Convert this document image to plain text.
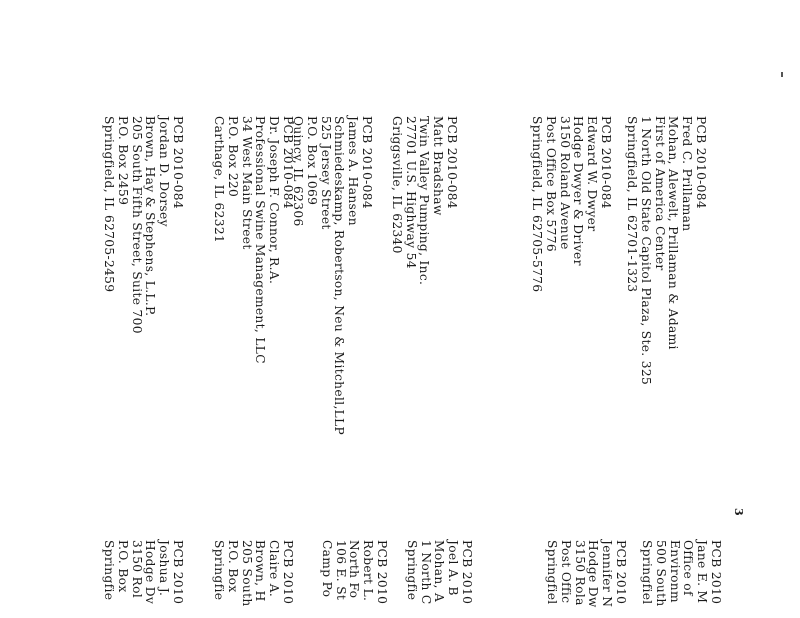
3
PCB 2010-084
Fred C. Prillaman
Mohan, Alewelt, Prillaman & Adami
First of America Center
1 North Old State Capitol Plaza, Ste. 325
Springfield, IL 62701-1323
PCB 2010-084
Edward W. Dwyer
Hodge Dwyer & Driver
3150 Roland Avenue
Post Office Box 5776
Springfield, IL 62705-5776
PCB 2010-084
Matt Bradshaw
Twin Valley Pumping, Inc.
27701 U.S. Highway 54
Griggsville, IL 62340
PCB 2010-084
James A. Hansen
Schmiedeskamp, Robertson, Neu & Mitchell,LLP
525 Jersey Street
P.O. Box 1069
Quincy, IL 62306
PCB 2010-084
Dr. Joseph F. Connor, R.A.
Professional Swine Management, LLC
34 West Main Street
P.O. Box 220
Carthage, IL 62321
PCB 2010-084
Jordan D. Dorsey
Brown, Hay & Stephens, L.L.P.
205 South Fifth Street, Suite 700
P.O. Box 2459
Springfield, IL 62705-2459
PCB 2010
Jane E. M
Office of
Environm
500 South
Springfiel
PCB 2010
Jennifer N
Hodge Dw
3150 Rola
Post Offic
Springfiel
PCB 2010
Joel A. B
Mohan, A
1 North C
Springfie
PCB 2010
Robert L.
North Fo
106 E. St
Camp Po
PCB 2010
Claire A.
Brown, H
205 South
P.O. Box
Springfie
PCB 2010
Joshua J.
Hodge Dv
3150 Rol
P.O. Box
Springfie
